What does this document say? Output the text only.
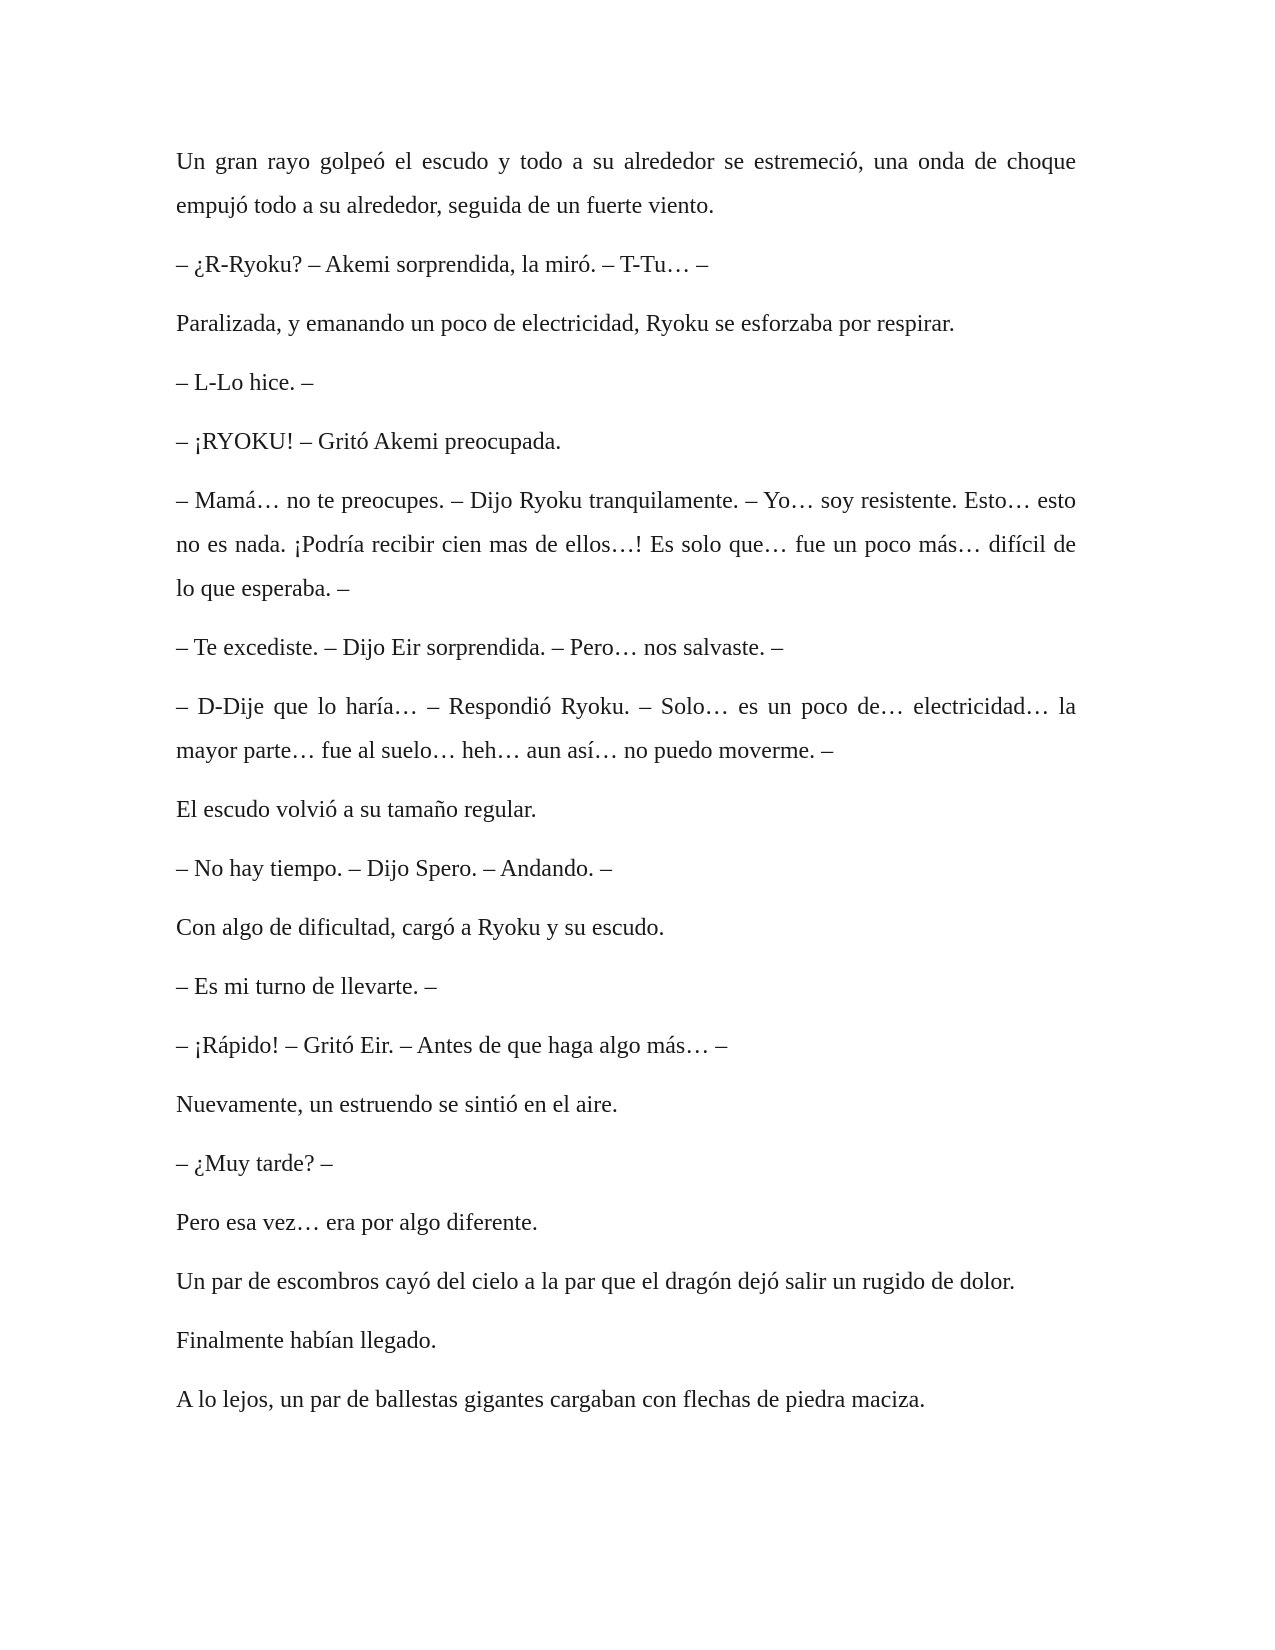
Un gran rayo golpeó el escudo y todo a su alrededor se estremeció, una onda de choque empujó todo a su alrededor, seguida de un fuerte viento.

– ¿R-Ryoku? – Akemi sorprendida, la miró. – T-Tu… –

Paralizada, y emanando un poco de electricidad, Ryoku se esforzaba por respirar.

– L-Lo hice. –

– ¡RYOKU! – Gritó Akemi preocupada.

– Mamá… no te preocupes. – Dijo Ryoku tranquilamente. – Yo… soy resistente. Esto… esto no es nada. ¡Podría recibir cien mas de ellos…! Es solo que… fue un poco más… difícil de lo que esperaba. –

– Te excediste. – Dijo Eir sorprendida. – Pero… nos salvaste. –

– D-Dije que lo haría… – Respondió Ryoku. – Solo… es un poco de… electricidad… la mayor parte… fue al suelo… heh… aun así… no puedo moverme. –

El escudo volvió a su tamaño regular.

– No hay tiempo. – Dijo Spero. – Andando. –

Con algo de dificultad, cargó a Ryoku y su escudo.

– Es mi turno de llevarte. –

– ¡Rápido! – Gritó Eir. – Antes de que haga algo más… –

Nuevamente, un estruendo se sintió en el aire.

– ¿Muy tarde? –

Pero esa vez… era por algo diferente.

Un par de escombros cayó del cielo a la par que el dragón dejó salir un rugido de dolor.

Finalmente habían llegado.

A lo lejos, un par de ballestas gigantes cargaban con flechas de piedra maciza.
